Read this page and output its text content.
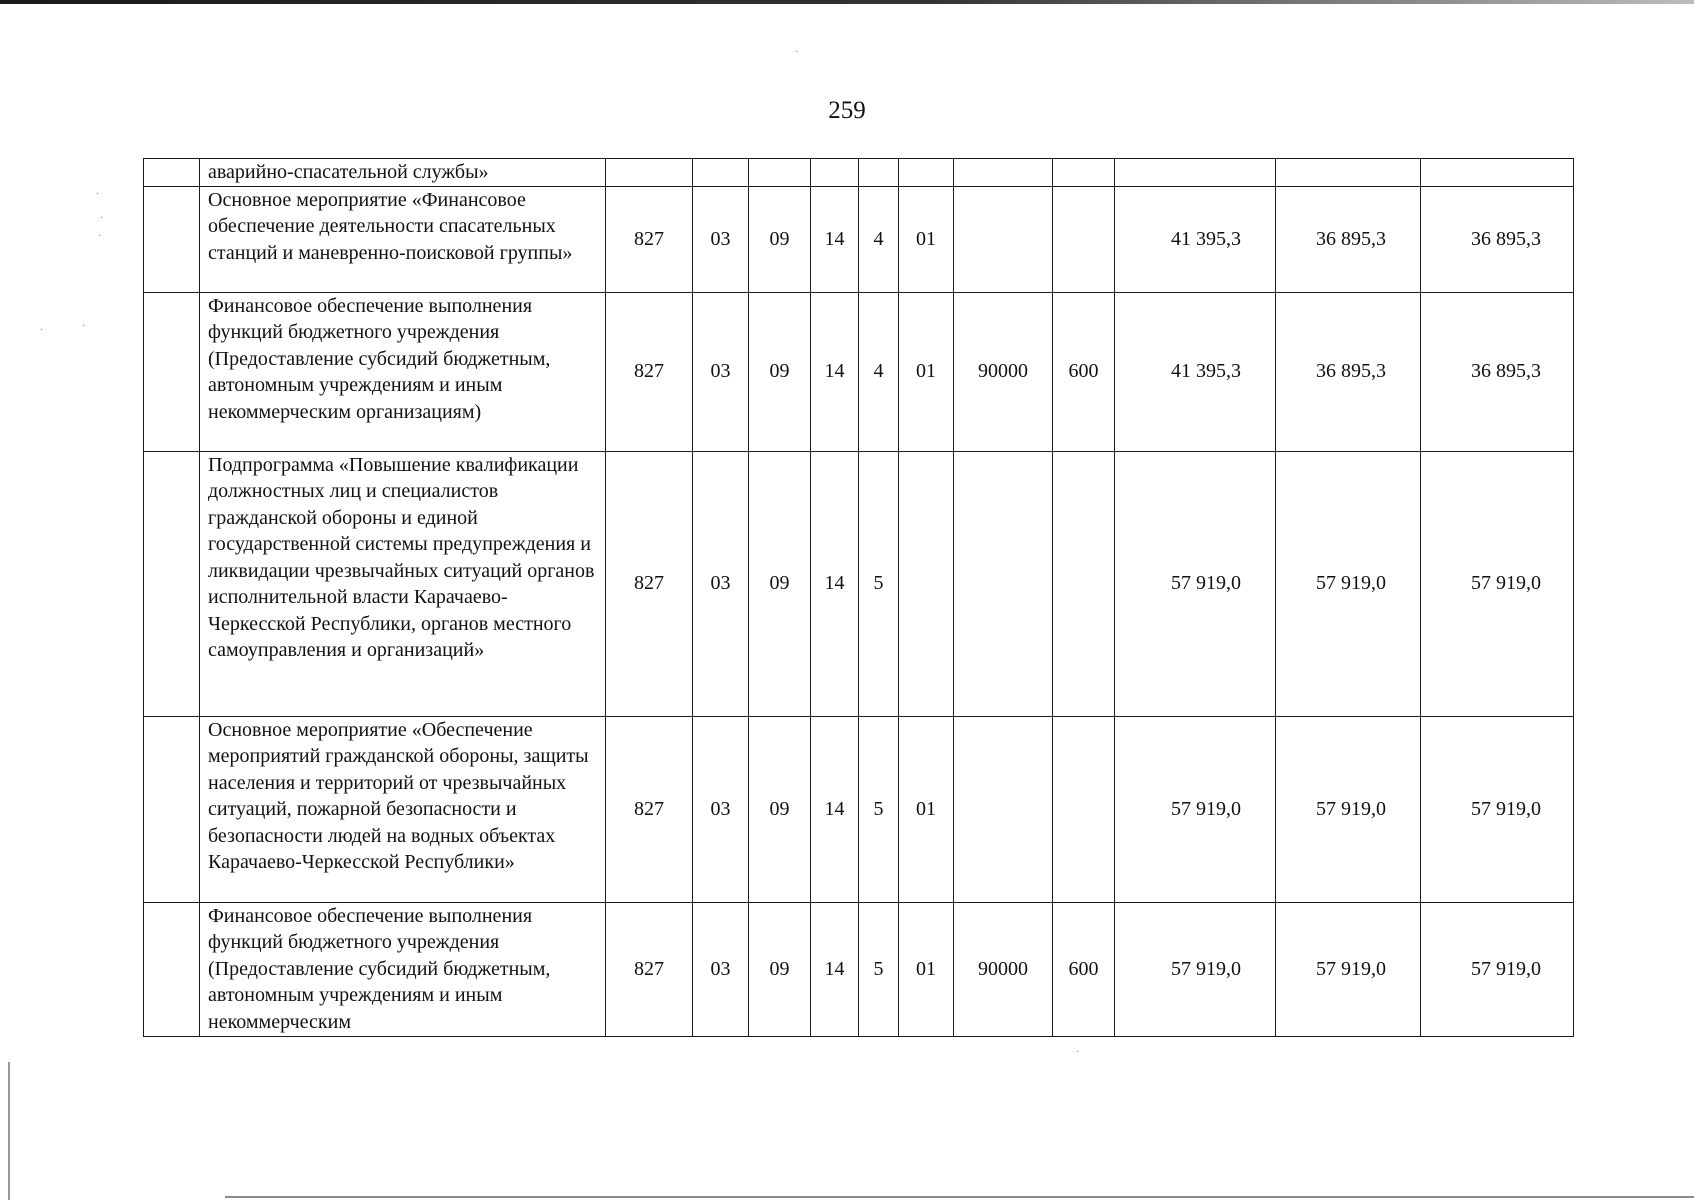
·
·
·
·	·
·
·
259
	аварийно-спасательной службы»											
	Основное мероприятие «Финансовое обеспечение деятельности спасательных станций и маневренно-поисковой группы»	827	03	09	14	4	01			41 395,3	36 895,3	36 895,3
	Финансовое обеспечение выполнения функций бюджетного учреждения (Предоставление субсидий бюджетным, автономным учреждениям и иным некоммерческим организациям)	827	03	09	14	4	01	90000	600	41 395,3	36 895,3	36 895,3
	Подпрограмма «Повышение квалификации должностных лиц и специалистов гражданской обороны и единой государственной системы предупреждения и ликвидации чрезвычайных ситуаций органов исполнительной власти Карачаево-Черкесской Республики, органов местного самоуправления и организаций»	827	03	09	14	5				57 919,0	57 919,0	57 919,0
	Основное мероприятие «Обеспечение мероприятий гражданской обороны, защиты населения и территорий от чрезвычайных ситуаций, пожарной безопасности и безопасности людей на водных объектах Карачаево-Черкесской Республики»	827	03	09	14	5	01			57 919,0	57 919,0	57 919,0
	Финансовое обеспечение выполнения функций бюджетного учреждения (Предоставление субсидий бюджетным, автономным учреждениям и иным некоммерческим	827	03	09	14	5	01	90000	600	57 919,0	57 919,0	57 919,0
